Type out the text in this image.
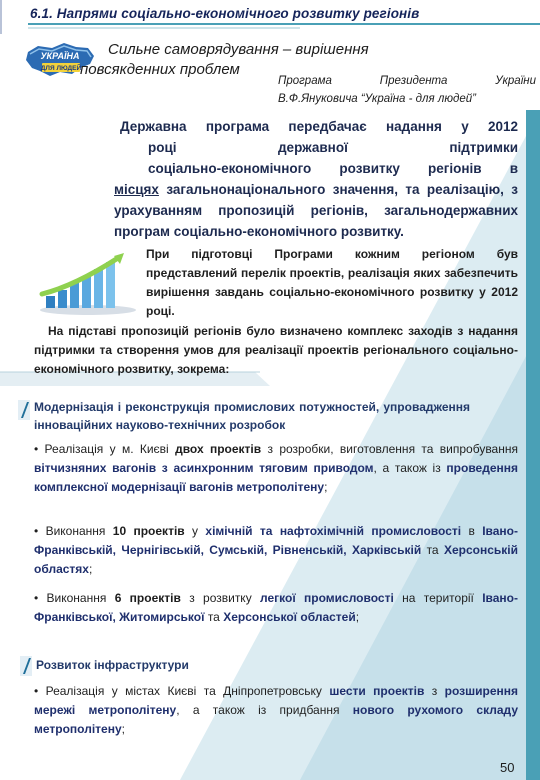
6.1. Напрями соціально-економічного розвитку регіонів
УКРАЇНА
ДЛЯ ЛЮДЕЙ
Сильне самоврядування – вирішення
повсякденних проблем
Програма Президента України
В.Ф.Януковича “Україна - для людей”
Державна програма передбачає надання у 2012
році державної підтримки
соціально-економічного розвитку регіонів в
місцях загальнонаціонального значення, та реалізацію, з урахуванням пропозицій регіонів, загальнодержавних програм соціально-економічного розвитку.
При підготовці Програми кожним регіоном був представлений перелік проектів, реалізація яких забезпечить вирішення завдань соціально-економічного розвитку у 2012 році.
На підставі пропозицій регіонів було визначено комплекс заходів з надання підтримки та створення умов для реалізації проектів регіонального соціально-економічного розвитку, зокрема:
Модернізація і реконструкція промислових потужностей, упровадження інноваційних науково-технічних розробок
• Реалізація у м. Києві двох проектів з розробки, виготовлення та випробування вітчизняних вагонів з асинхронним тяговим приводом, а також із проведення комплексної модернізації вагонів метрополітену;
• Виконання 10 проектів у хімічній та нафтохімічній промисловості в Івано-Франківській, Чернігівській, Сумській, Рівненській, Харківській та Херсонській областях;
• Виконання 6 проектів з розвитку легкої промисловості на території Івано-Франківської, Житомирської та Херсонської областей;
Розвиток інфраструктури
• Реалізація у містах Києві та Дніпропетровську шести проектів з розширення мережі метрополітену, а також із придбання нового рухомого складу метрополітену;
50
